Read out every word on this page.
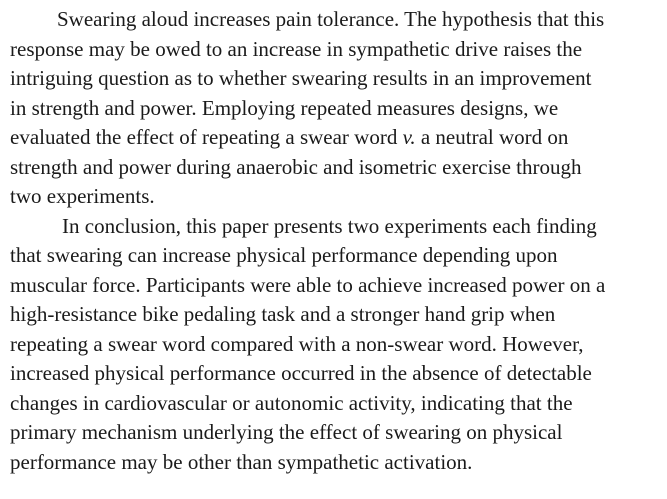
Swearing aloud increases pain tolerance. The hypothesis that this
response may be owed to an increase in sympathetic drive raises the
intriguing question as to whether swearing results in an improvement
in strength and power. Employing repeated measures designs, we
evaluated the effect of repeating a swear word v. a neutral word on
strength and power during anaerobic and isometric exercise through
two experiments.
In conclusion, this paper presents two experiments each finding
that swearing can increase physical performance depending upon
muscular force. Participants were able to achieve increased power on a
high-resistance bike pedaling task and a stronger hand grip when
repeating a swear word compared with a non-swear word. However,
increased physical performance occurred in the absence of detectable
changes in cardiovascular or autonomic activity, indicating that the
primary mechanism underlying the effect of swearing on physical
performance may be other than sympathetic activation.
